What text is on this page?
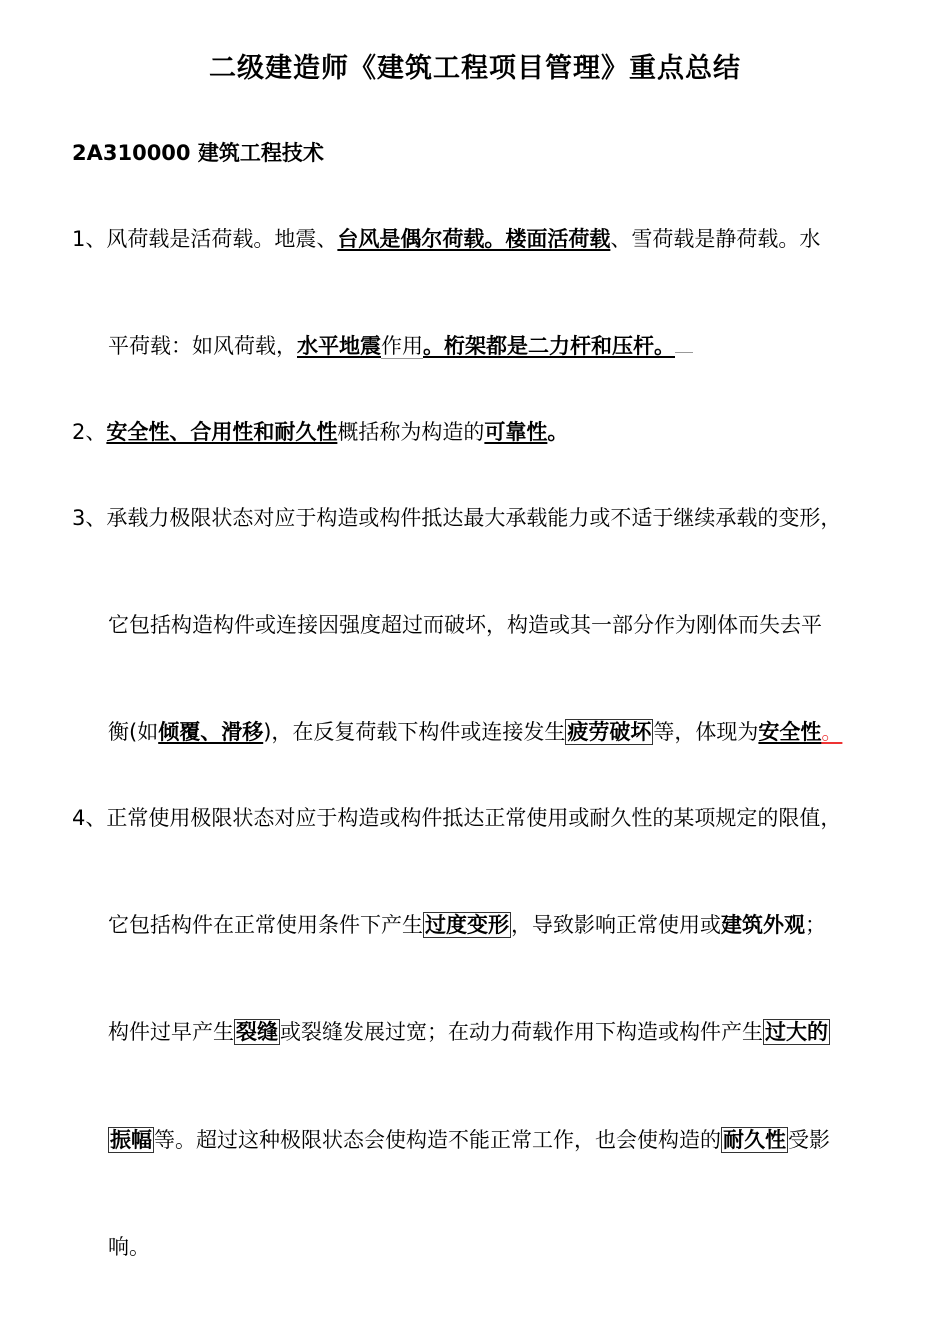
二级建造师《建筑工程项目管理》重点总结
2A310000 建筑工程技术
1、风荷载是活荷载。地震、台风是偶尔荷载。楼面活荷载、雪荷载是静荷载。水
平荷载：如风荷载，水平地震作用。桁架都是二力杆和压杆。
2、安全性、合用性和耐久性概括称为构造的可靠性。
3、承载力极限状态对应于构造或构件抵达最大承载能力或不适于继续承载的变形，
它包括构造构件或连接因强度超过而破坏，构造或其一部分作为刚体而失去平
衡(如倾覆、滑移)，在反复荷载下构件或连接发生疲劳破坏等，体现为安全性。
4、正常使用极限状态对应于构造或构件抵达正常使用或耐久性的某项规定的限值，
它包括构件在正常使用条件下产生过度变形，导致影响正常使用或建筑外观；
构件过早产生裂缝或裂缝发展过宽；在动力荷载作用下构造或构件产生过大的
振幅等。超过这种极限状态会使构造不能正常工作，也会使构造的耐久性受影
响。
